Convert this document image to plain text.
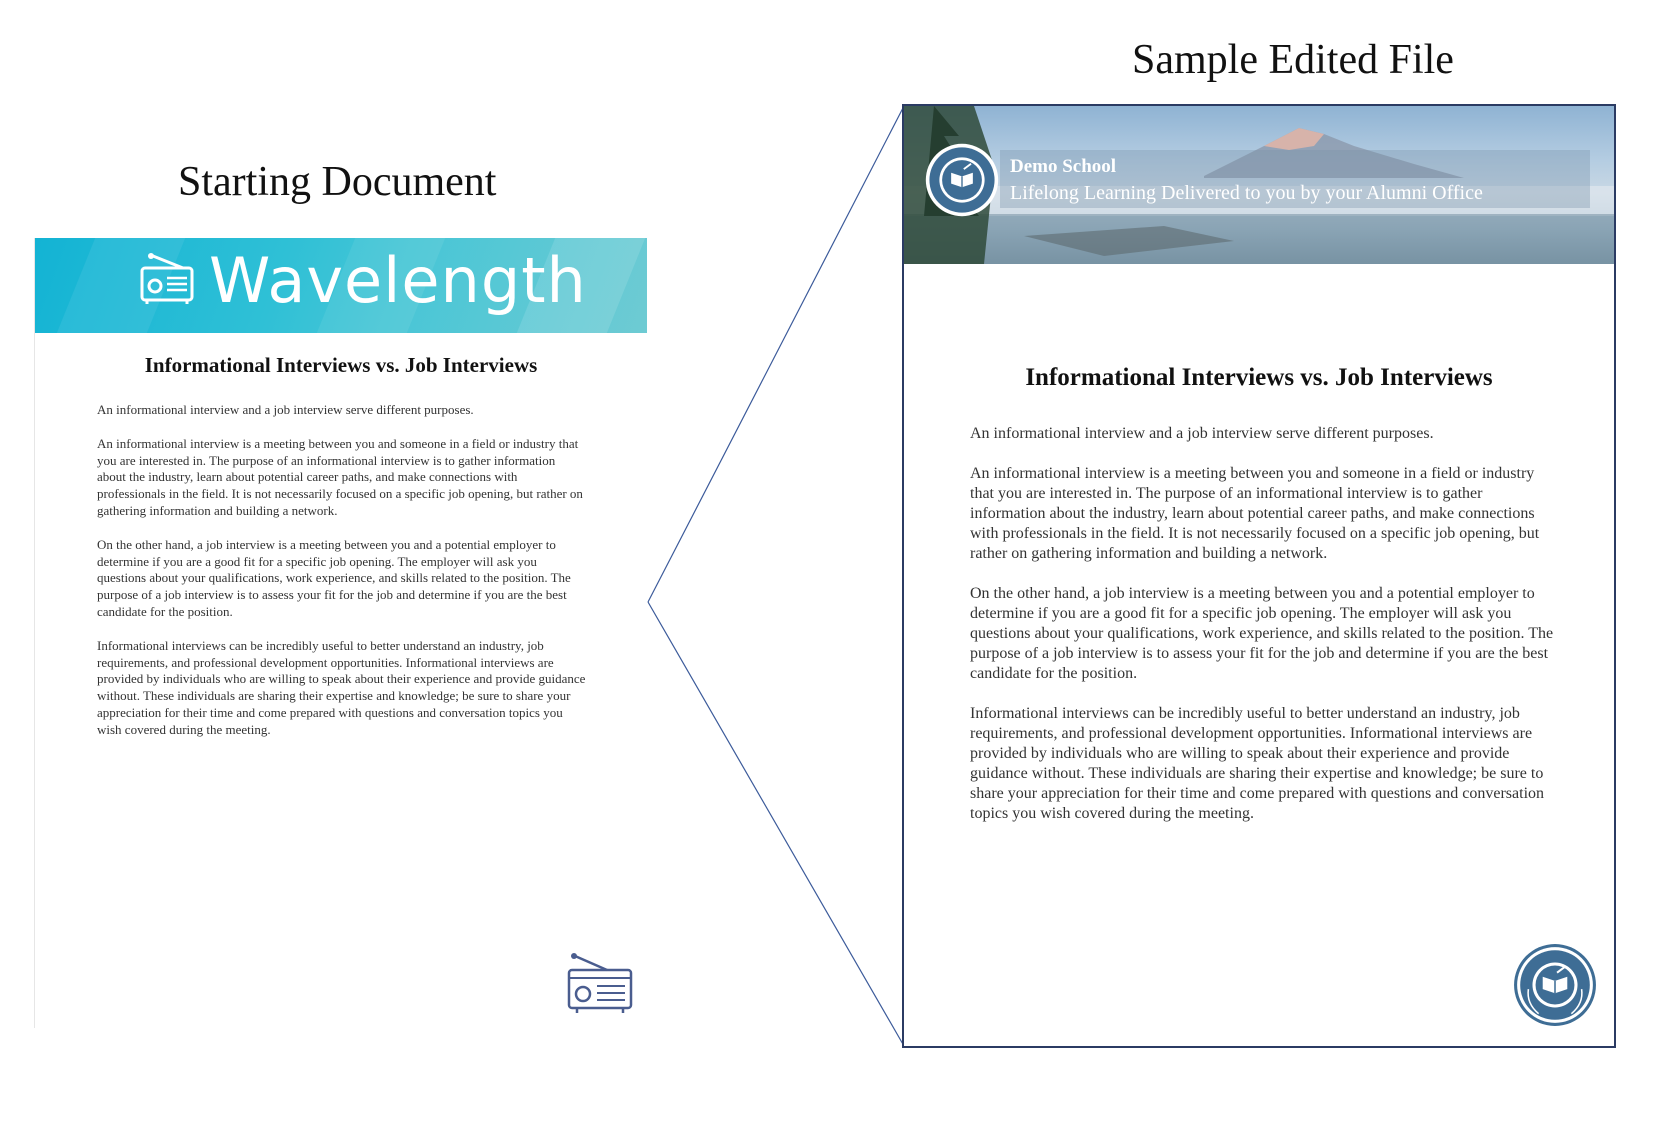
Starting Document
Sample Edited File
Wavelength
Informational Interviews vs. Job Interviews

An informational interview and a job interview serve different purposes.

An informational interview is a meeting between you and someone in a field or industry that you are interested in. The purpose of an informational interview is to gather information about the industry, learn about potential career paths, and make connections with professionals in the field. It is not necessarily focused on a specific job opening, but rather on gathering information and building a network.

On the other hand, a job interview is a meeting between you and a potential employer to determine if you are a good fit for a specific job opening. The employer will ask you questions about your qualifications, work experience, and skills related to the position. The purpose of a job interview is to assess your fit for the job and determine if you are the best candidate for the position.

Informational interviews can be incredibly useful to better understand an industry, job requirements, and professional development opportunities. Informational interviews are provided by individuals who are willing to speak about their experience and provide guidance without. These individuals are sharing their expertise and knowledge; be sure to share your appreciation for their time and come prepared with questions and conversation topics you wish covered during the meeting.

Demo School
Lifelong Learning Delivered to you by your Alumni Office
Informational Interviews vs. Job Interviews

An informational interview and a job interview serve different purposes.

An informational interview is a meeting between you and someone in a field or industry that you are interested in. The purpose of an informational interview is to gather information about the industry, learn about potential career paths, and make connections with professionals in the field. It is not necessarily focused on a specific job opening, but rather on gathering information and building a network.

On the other hand, a job interview is a meeting between you and a potential employer to determine if you are a good fit for a specific job opening. The employer will ask you questions about your qualifications, work experience, and skills related to the position. The purpose of a job interview is to assess your fit for the job and determine if you are the best candidate for the position.

Informational interviews can be incredibly useful to better understand an industry, job requirements, and professional development opportunities. Informational interviews are provided by individuals who are willing to speak about their experience and provide guidance without. These individuals are sharing their expertise and knowledge; be sure to share your appreciation for their time and come prepared with questions and conversation topics you wish covered during the meeting.
